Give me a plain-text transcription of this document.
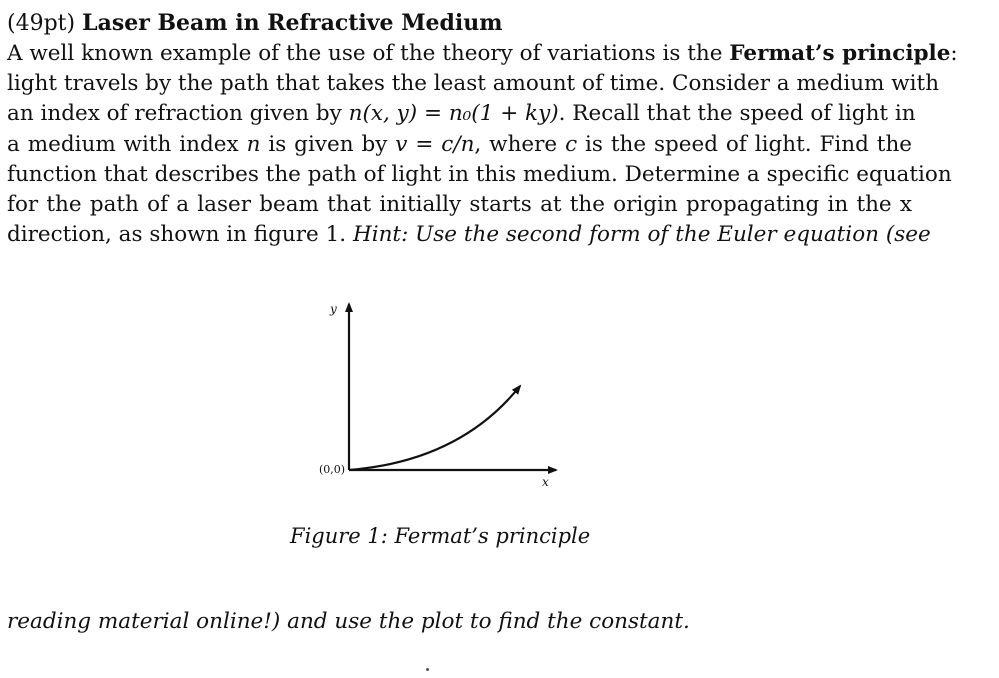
(49pt) Laser Beam in Refractive Medium
A well known example of the use of the theory of variations is the Fermat’s principle:
light travels by the path that takes the least amount of time. Consider a medium with
an index of refraction given by n(x, y) = n₀(1 + ky). Recall that the speed of light in
a medium with index n is given by v = c/n, where c is the speed of light. Find the
function that describes the path of light in this medium. Determine a specific equation
for the path of a laser beam that initially starts at the origin propagating in the x
direction, as shown in figure 1. Hint: Use the second form of the Euler equation (see
y
x
(0,0)
Figure 1: Fermat’s principle
reading material online!) and use the plot to find the constant.
